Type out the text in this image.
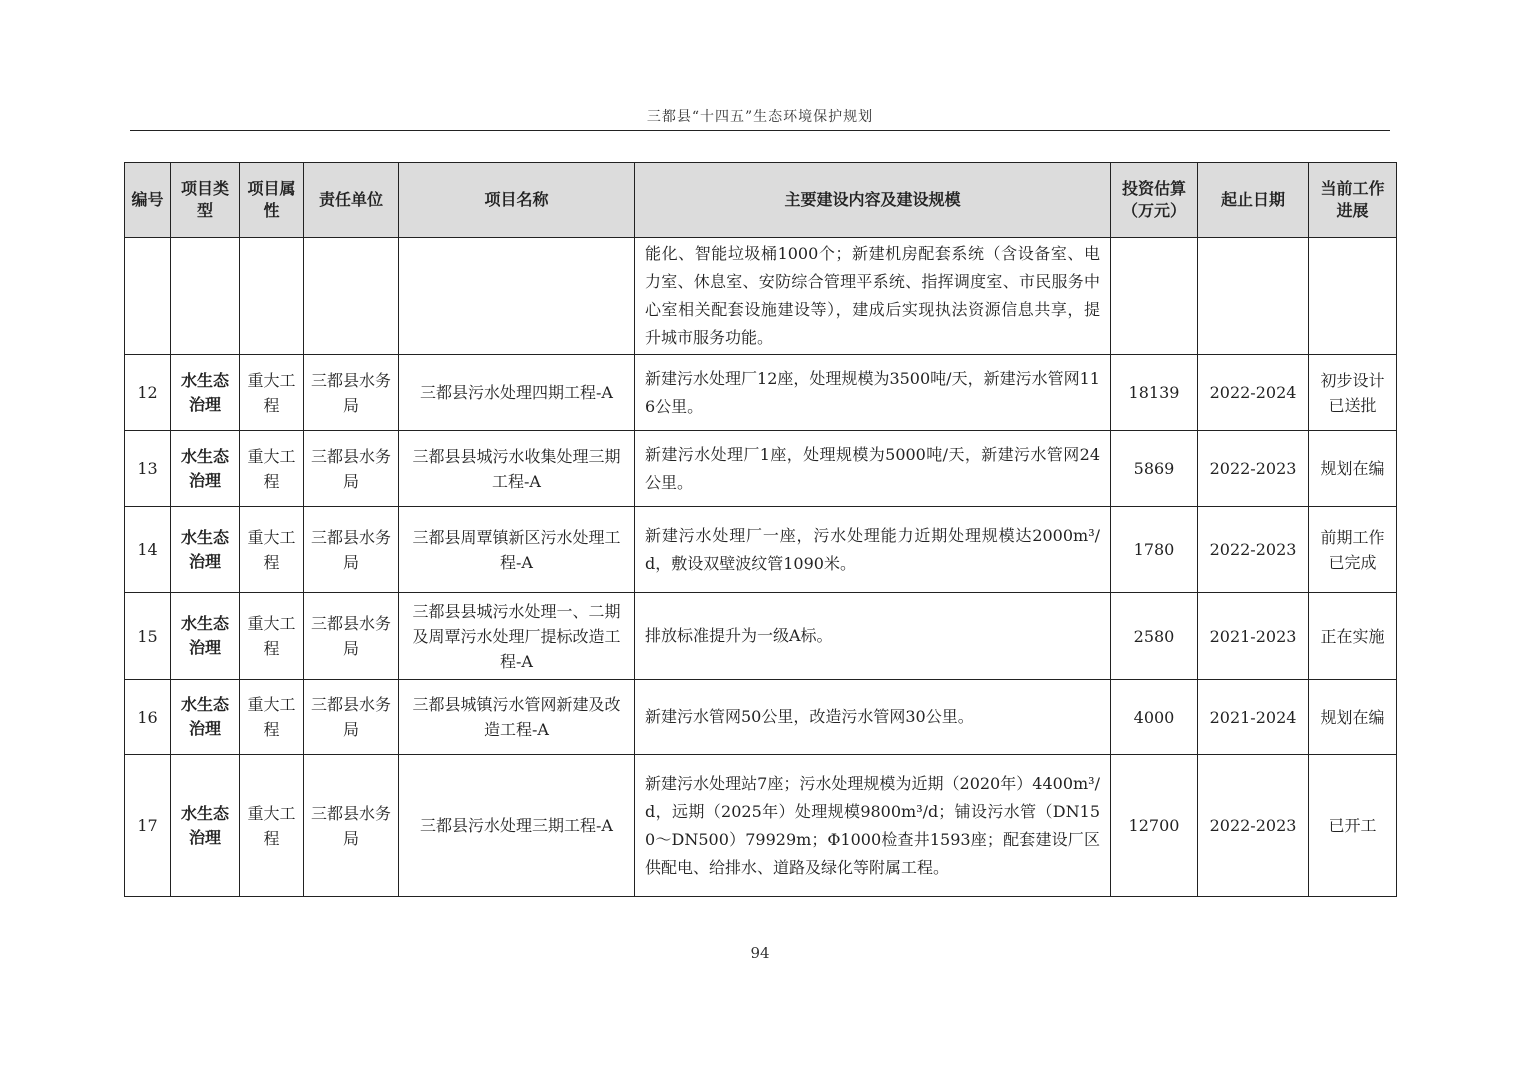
三都县“十四五”生态环境保护规划
编号	项目类型	项目属性	责任单位	项目名称	主要建设内容及建设规模	投资估算（万元）	起止日期	当前工作进展
					能化、智能垃圾桶1000个；新建机房配套系统（含设备室、电力室、休息室、安防综合管理平系统、指挥调度室、市民服务中心室相关配套设施建设等），建成后实现执法资源信息共享，提升城市服务功能。			
12	水生态治理	重大工程	三都县水务局	三都县污水处理四期工程-A	新建污水处理厂12座，处理规模为3500吨/天，新建污水管网116公里。	18139	2022-2024	初步设计已送批
13	水生态治理	重大工程	三都县水务局	三都县县城污水收集处理三期工程-A	新建污水处理厂1座，处理规模为5000吨/天，新建污水管网24公里。	5869	2022-2023	规划在编
14	水生态治理	重大工程	三都县水务局	三都县周覃镇新区污水处理工程-A	新建污水处理厂一座，污水处理能力近期处理规模达2000m³/d，敷设双壁波纹管1090米。	1780	2022-2023	前期工作已完成
15	水生态治理	重大工程	三都县水务局	三都县县城污水处理一、二期及周覃污水处理厂提标改造工程-A	排放标准提升为一级A标。	2580	2021-2023	正在实施
16	水生态治理	重大工程	三都县水务局	三都县城镇污水管网新建及改造工程-A	新建污水管网50公里，改造污水管网30公里。	4000	2021-2024	规划在编
17	水生态治理	重大工程	三都县水务局	三都县污水处理三期工程-A	新建污水处理站7座；污水处理规模为近期（2020年）4400m³/d，远期（2025年）处理规模9800m³/d；铺设污水管（DN150～DN500）79929m；Φ1000检查井1593座；配套建设厂区供配电、给排水、道路及绿化等附属工程。	12700	2022-2023	已开工
94
